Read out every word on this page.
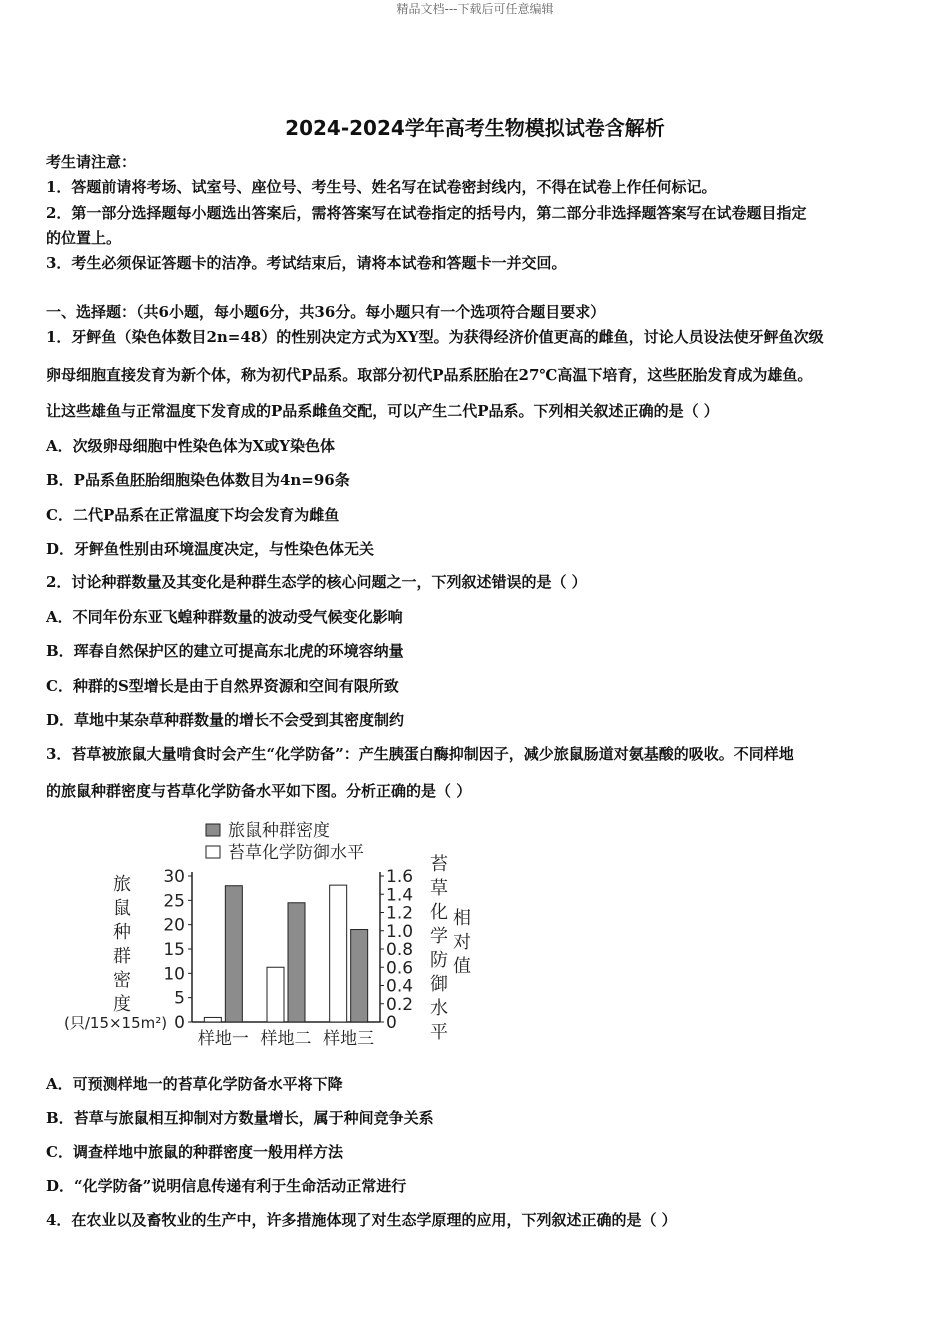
精品文档---下载后可任意编辑
2024-2024学年高考生物模拟试卷含解析
考生请注意：
1．答题前请将考场、试室号、座位号、考生号、姓名写在试卷密封线内，不得在试卷上作任何标记。
2．第一部分选择题每小题选出答案后，需将答案写在试卷指定的括号内，第二部分非选择题答案写在试卷题目指定
的位置上。
3．考生必须保证答题卡的洁净。考试结束后，请将本试卷和答题卡一并交回。
一、选择题：（共6小题，每小题6分，共36分。每小题只有一个选项符合题目要求）
1．牙鲆鱼（染色体数目2n=48）的性别决定方式为XY型。为获得经济价值更高的雌鱼，讨论人员设法使牙鲆鱼次级
卵母细胞直接发育为新个体，称为初代P品系。取部分初代P品系胚胎在27℃高温下培育，这些胚胎发育成为雄鱼。
让这些雄鱼与正常温度下发育成的P品系雌鱼交配，可以产生二代P品系。下列相关叙述正确的是（ ）
A．次级卵母细胞中性染色体为X或Y染色体
B．P品系鱼胚胎细胞染色体数目为4n=96条
C．二代P品系在正常温度下均会发育为雌鱼
D．牙鲆鱼性别由环境温度决定，与性染色体无关
2．讨论种群数量及其变化是种群生态学的核心问题之一，下列叙述错误的是（ ）
A．不同年份东亚飞蝗种群数量的波动受气候变化影响
B．珲春自然保护区的建立可提高东北虎的环境容纳量
C．种群的S型增长是由于自然界资源和空间有限所致
D．草地中某杂草种群数量的增长不会受到其密度制约
3．苔草被旅鼠大量啃食时会产生“化学防备”：产生胰蛋白酶抑制因子，减少旅鼠肠道对氨基酸的吸收。不同样地
的旅鼠种群密度与苔草化学防备水平如下图。分析正确的是（ ）
0
5
10
15
20
25
30
0
0.2
0.4
0.6
0.8
1.0
1.2
1.4
1.6
样地一 样地二 样地三
旅鼠种群密度
苔草化学防御水平
旅
鼠
种
群
密
度
(只/15×15m²)
苔
草
化
学
防
御
水
平
相
对
值
A．可预测样地一的苔草化学防备水平将下降
B．苔草与旅鼠相互抑制对方数量增长，属于种间竞争关系
C．调查样地中旅鼠的种群密度一般用样方法
D．“化学防备”说明信息传递有利于生命活动正常进行
4．在农业以及畜牧业的生产中，许多措施体现了对生态学原理的应用，下列叙述正确的是（ ）
